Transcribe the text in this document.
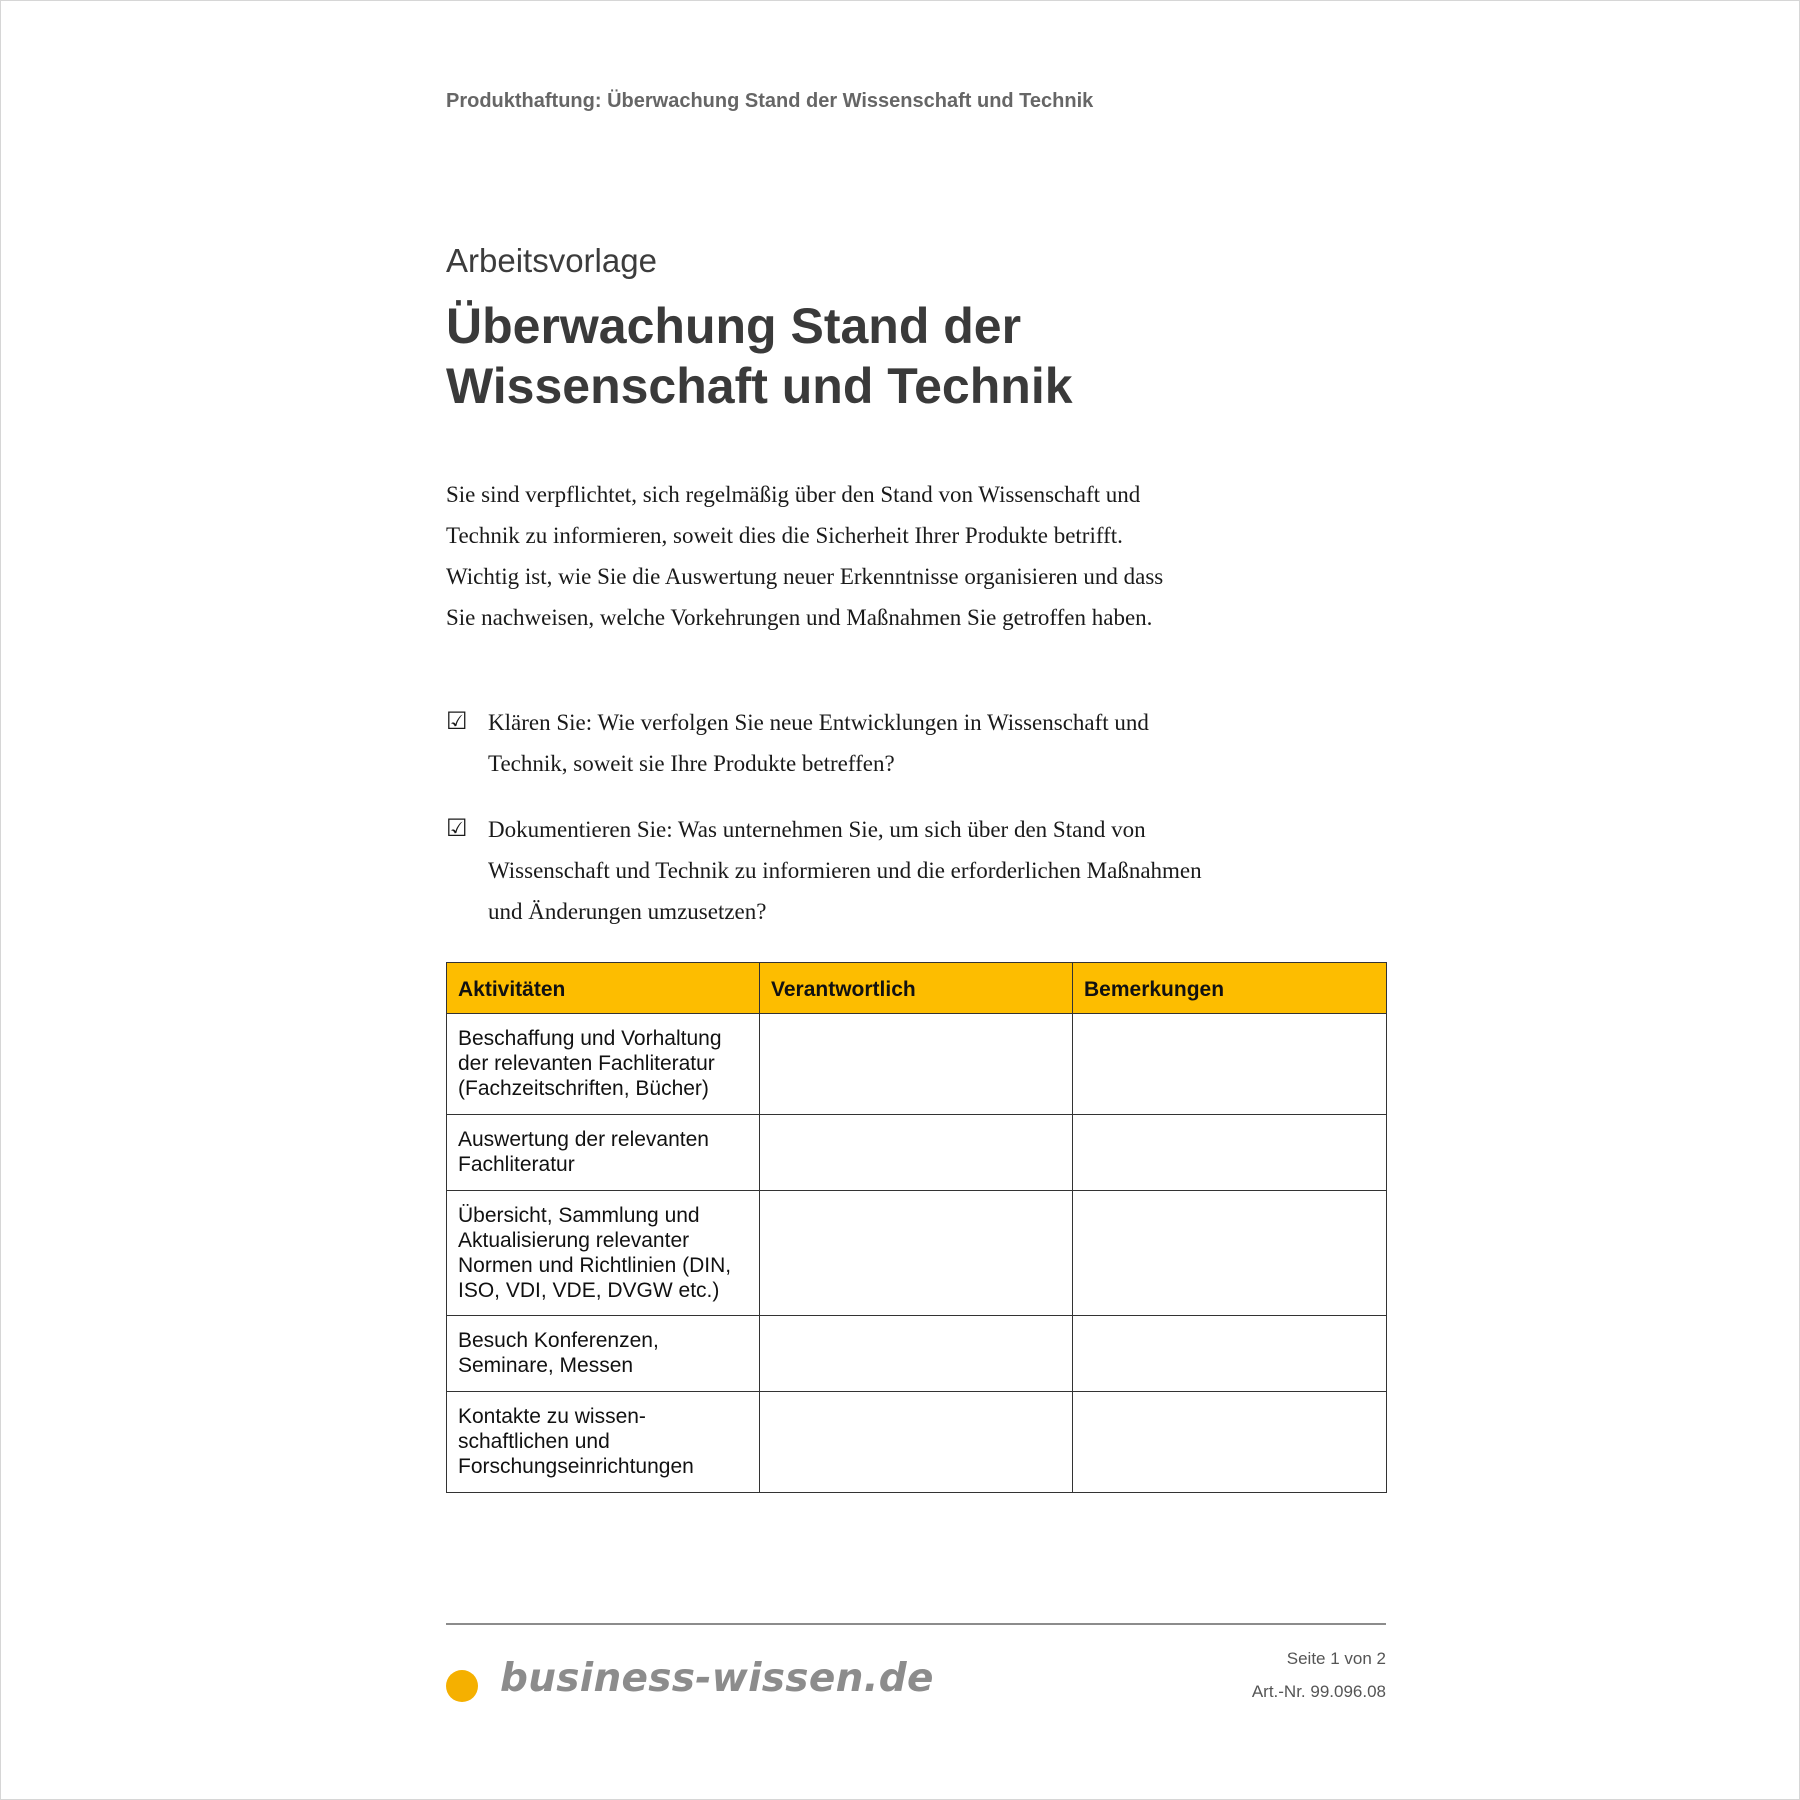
Produkthaftung: Überwachung Stand der Wissenschaft und Technik
Arbeitsvorlage
Überwachung Stand der Wissenschaft und Technik
Sie sind verpflichtet, sich regelmäßig über den Stand von Wissenschaft und Technik zu informieren, soweit dies die Sicherheit Ihrer Produkte betrifft. Wichtig ist, wie Sie die Auswertung neuer Erkenntnisse organisieren und dass Sie nachweisen, welche Vorkehrungen und Maßnahmen Sie getroffen haben.
☑ Klären Sie: Wie verfolgen Sie neue Entwicklungen in Wissenschaft und Technik, soweit sie Ihre Produkte betreffen?
☑ Dokumentieren Sie: Was unternehmen Sie, um sich über den Stand von Wissenschaft und Technik zu informieren und die erforderlichen Maßnahmen und Änderungen umzusetzen?
Aktivitäten	Verantwortlich	Bemerkungen
Beschaffung und Vorhaltung der relevanten Fachliteratur (Fachzeitschriften, Bücher)		
Auswertung der relevanten Fachliteratur		
Übersicht, Sammlung und Aktualisierung relevanter Normen und Richtlinien (DIN, ISO, VDI, VDE, DVGW etc.)		
Besuch Konferenzen, Seminare, Messen		
Kontakte zu wissen-schaftlichen und Forschungseinrichtungen		
business-wissen.de	Seite 1 von 2
Art.-Nr. 99.096.08
